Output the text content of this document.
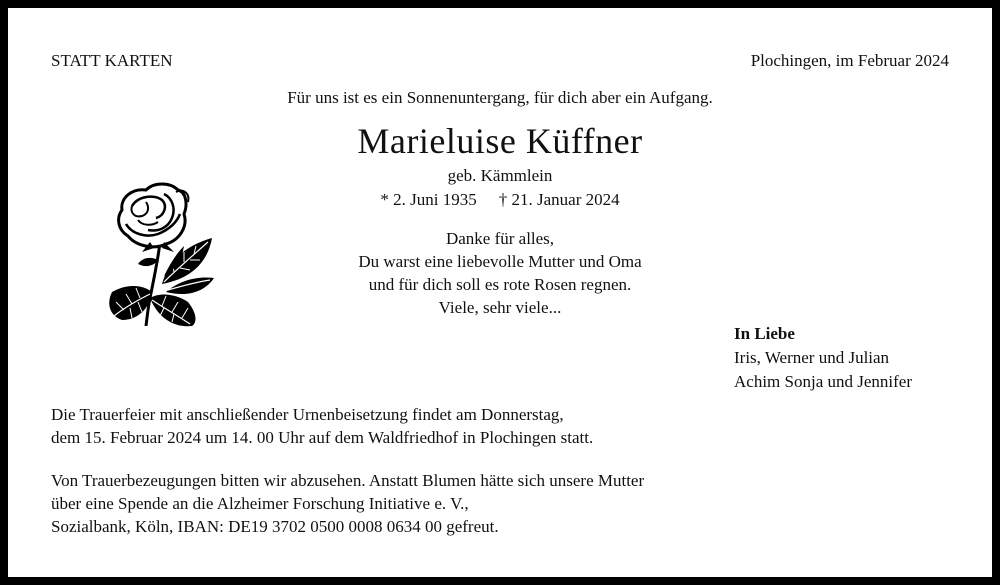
STATT KARTEN	Plochingen, im Februar 2024
Für uns ist es ein Sonnenuntergang, für dich aber ein Aufgang.
Marieluise Küffner
geb. Kämmlein
* 2. Juni 1935 † 21. Januar 2024
Danke für alles,
Du warst eine liebevolle Mutter und Oma
und für dich soll es rote Rosen regnen.
Viele, sehr viele...
In Liebe
Iris, Werner und Julian
Achim Sonja und Jennifer
Die Trauerfeier mit anschließender Urnenbeisetzung findet am Donnerstag,
dem 15. Februar 2024 um 14. 00 Uhr auf dem Waldfriedhof in Plochingen statt.
Von Trauerbezeugungen bitten wir abzusehen. Anstatt Blumen hätte sich unsere Mutter
über eine Spende an die Alzheimer Forschung Initiative e. V.,
Sozialbank, Köln, IBAN: DE19 3702 0500 0008 0634 00 gefreut.
